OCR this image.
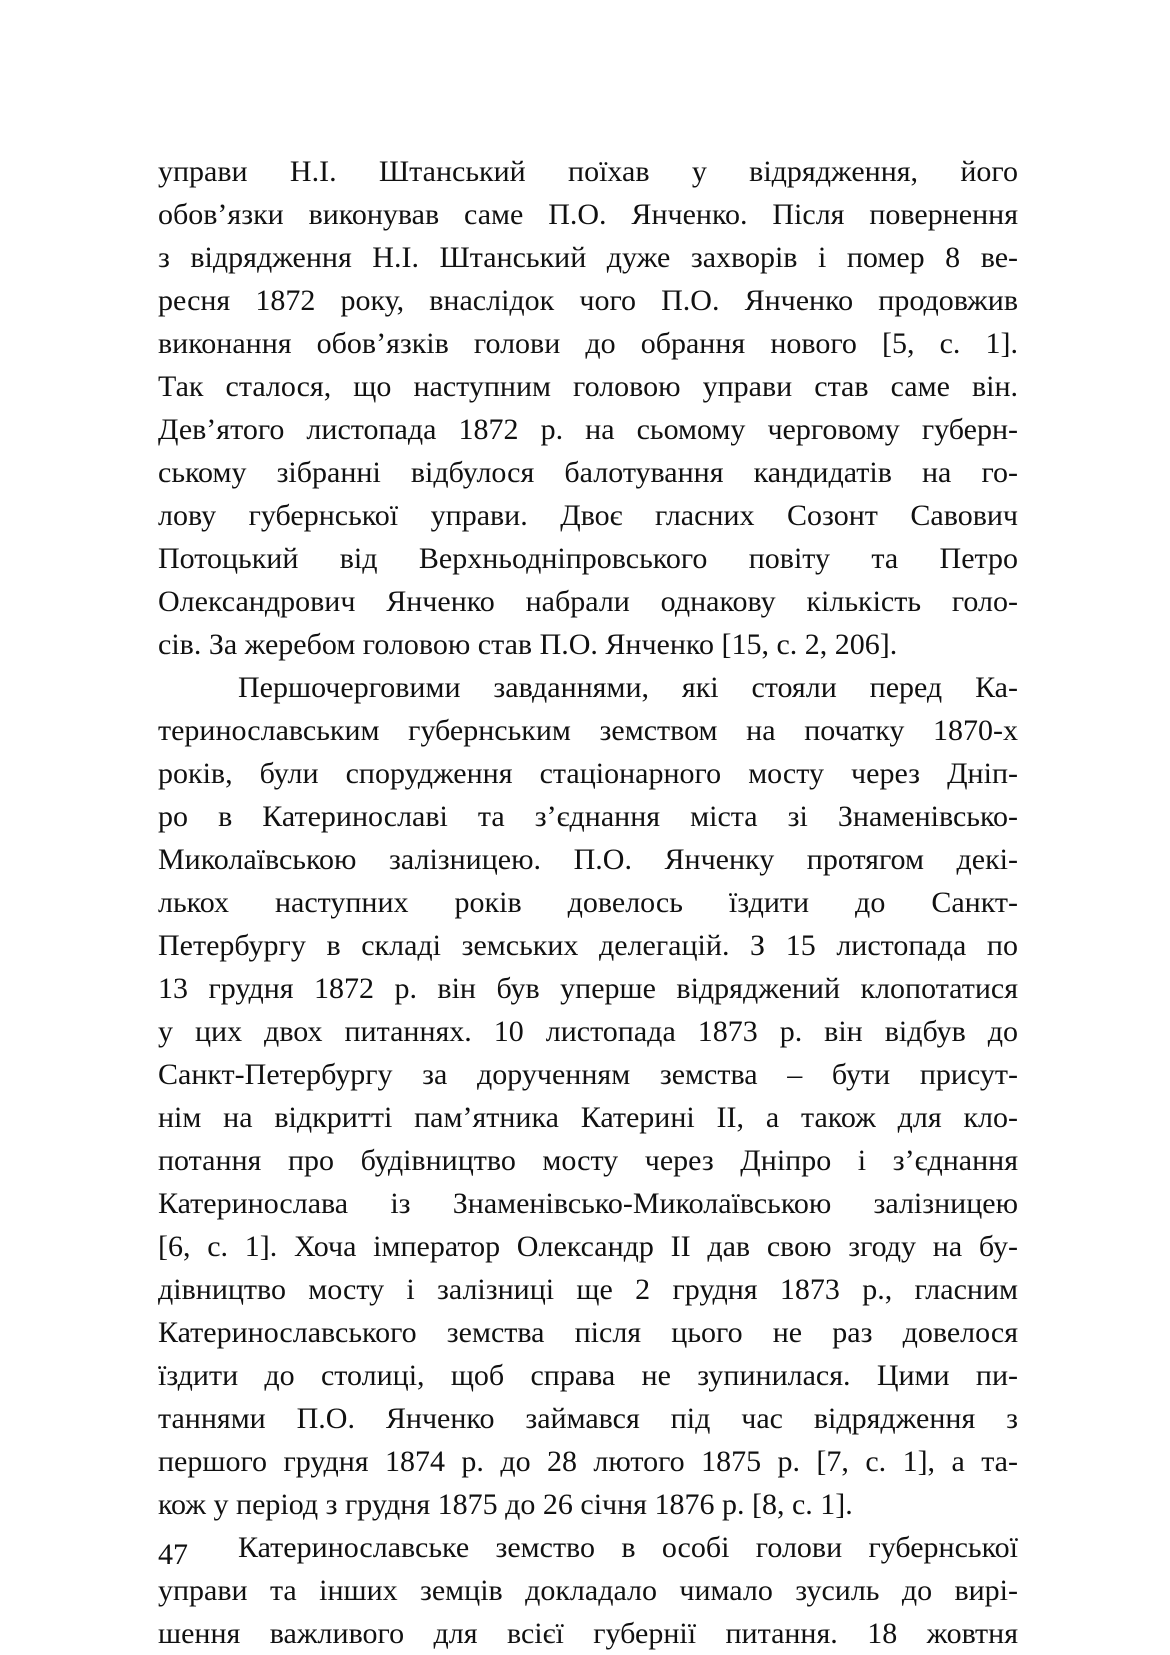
управи Н.І. Штанський поїхав у відрядження, його
обов’язки виконував саме П.О. Янченко. Після повернення
з відрядження Н.І. Штанський дуже захворів і помер 8 ве-
ресня 1872 року, внаслідок чого П.О. Янченко продовжив
виконання обов’язків голови до обрання нового [5, с. 1].
Так сталося, що наступним головою управи став саме він.
Дев’ятого листопада 1872 р. на сьомому черговому губерн-
ському зібранні відбулося балотування кандидатів на го-
лову губернської управи. Двоє гласних Созонт Савович
Потоцький від Верхньодніпровського повіту та Петро
Олександрович Янченко набрали однакову кількість голо-
сів. За жеребом головою став П.О. Янченко [15, с. 2, 206].
Першочерговими завданнями, які стояли перед Ка-
теринославським губернським земством на початку 1870-х
років, були спорудження стаціонарного мосту через Дніп-
ро в Катеринославі та з’єднання міста зі Знаменівсько-
Миколаївською залізницею. П.О. Янченку протягом декі-
лькох наступних років довелось їздити до Санкт-
Петербургу в складі земських делегацій. З 15 листопада по
13 грудня 1872 р. він був уперше відряджений клопотатися
у цих двох питаннях. 10 листопада 1873 р. він відбув до
Санкт-Петербургу за дорученням земства – бути присут-
нім на відкритті пам’ятника Катерині ІІ, а також для кло-
потання про будівництво мосту через Дніпро і з’єднання
Катеринослава із Знаменівсько-Миколаївською залізницею
[6, с. 1]. Хоча імператор Олександр ІІ дав свою згоду на бу-
дівництво мосту і залізниці ще 2 грудня 1873 р., гласним
Катеринославського земства після цього не раз довелося
їздити до столиці, щоб справа не зупинилася. Цими пи-
таннями П.О. Янченко займався під час відрядження з
першого грудня 1874 р. до 28 лютого 1875 р. [7, с. 1], а та-
кож у період з грудня 1875 до 26 січня 1876 р. [8, с. 1].
Катеринославське земство в особі голови губернської
управи та інших земців докладало чимало зусиль до вирі-
шення важливого для всієї губернії питання. 18 жовтня
47
